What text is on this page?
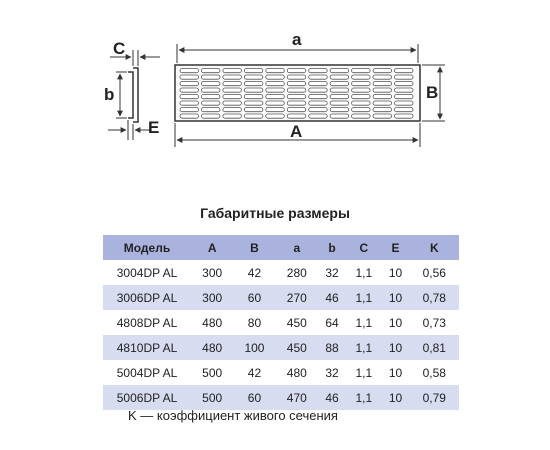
C
b
E
a
A
B
Габаритные размеры
Модель	A	B	a	b	C	E	K
3004DP AL	300	42	280	32	1,1	10	0,56
3006DP AL	300	60	270	46	1,1	10	0,78
4808DP AL	480	80	450	64	1,1	10	0,73
4810DP AL	480	100	450	88	1,1	10	0,81
5004DP AL	500	42	480	32	1,1	10	0,58
5006DP AL	500	60	470	46	1,1	10	0,79
K — коэффициент живого сечения
